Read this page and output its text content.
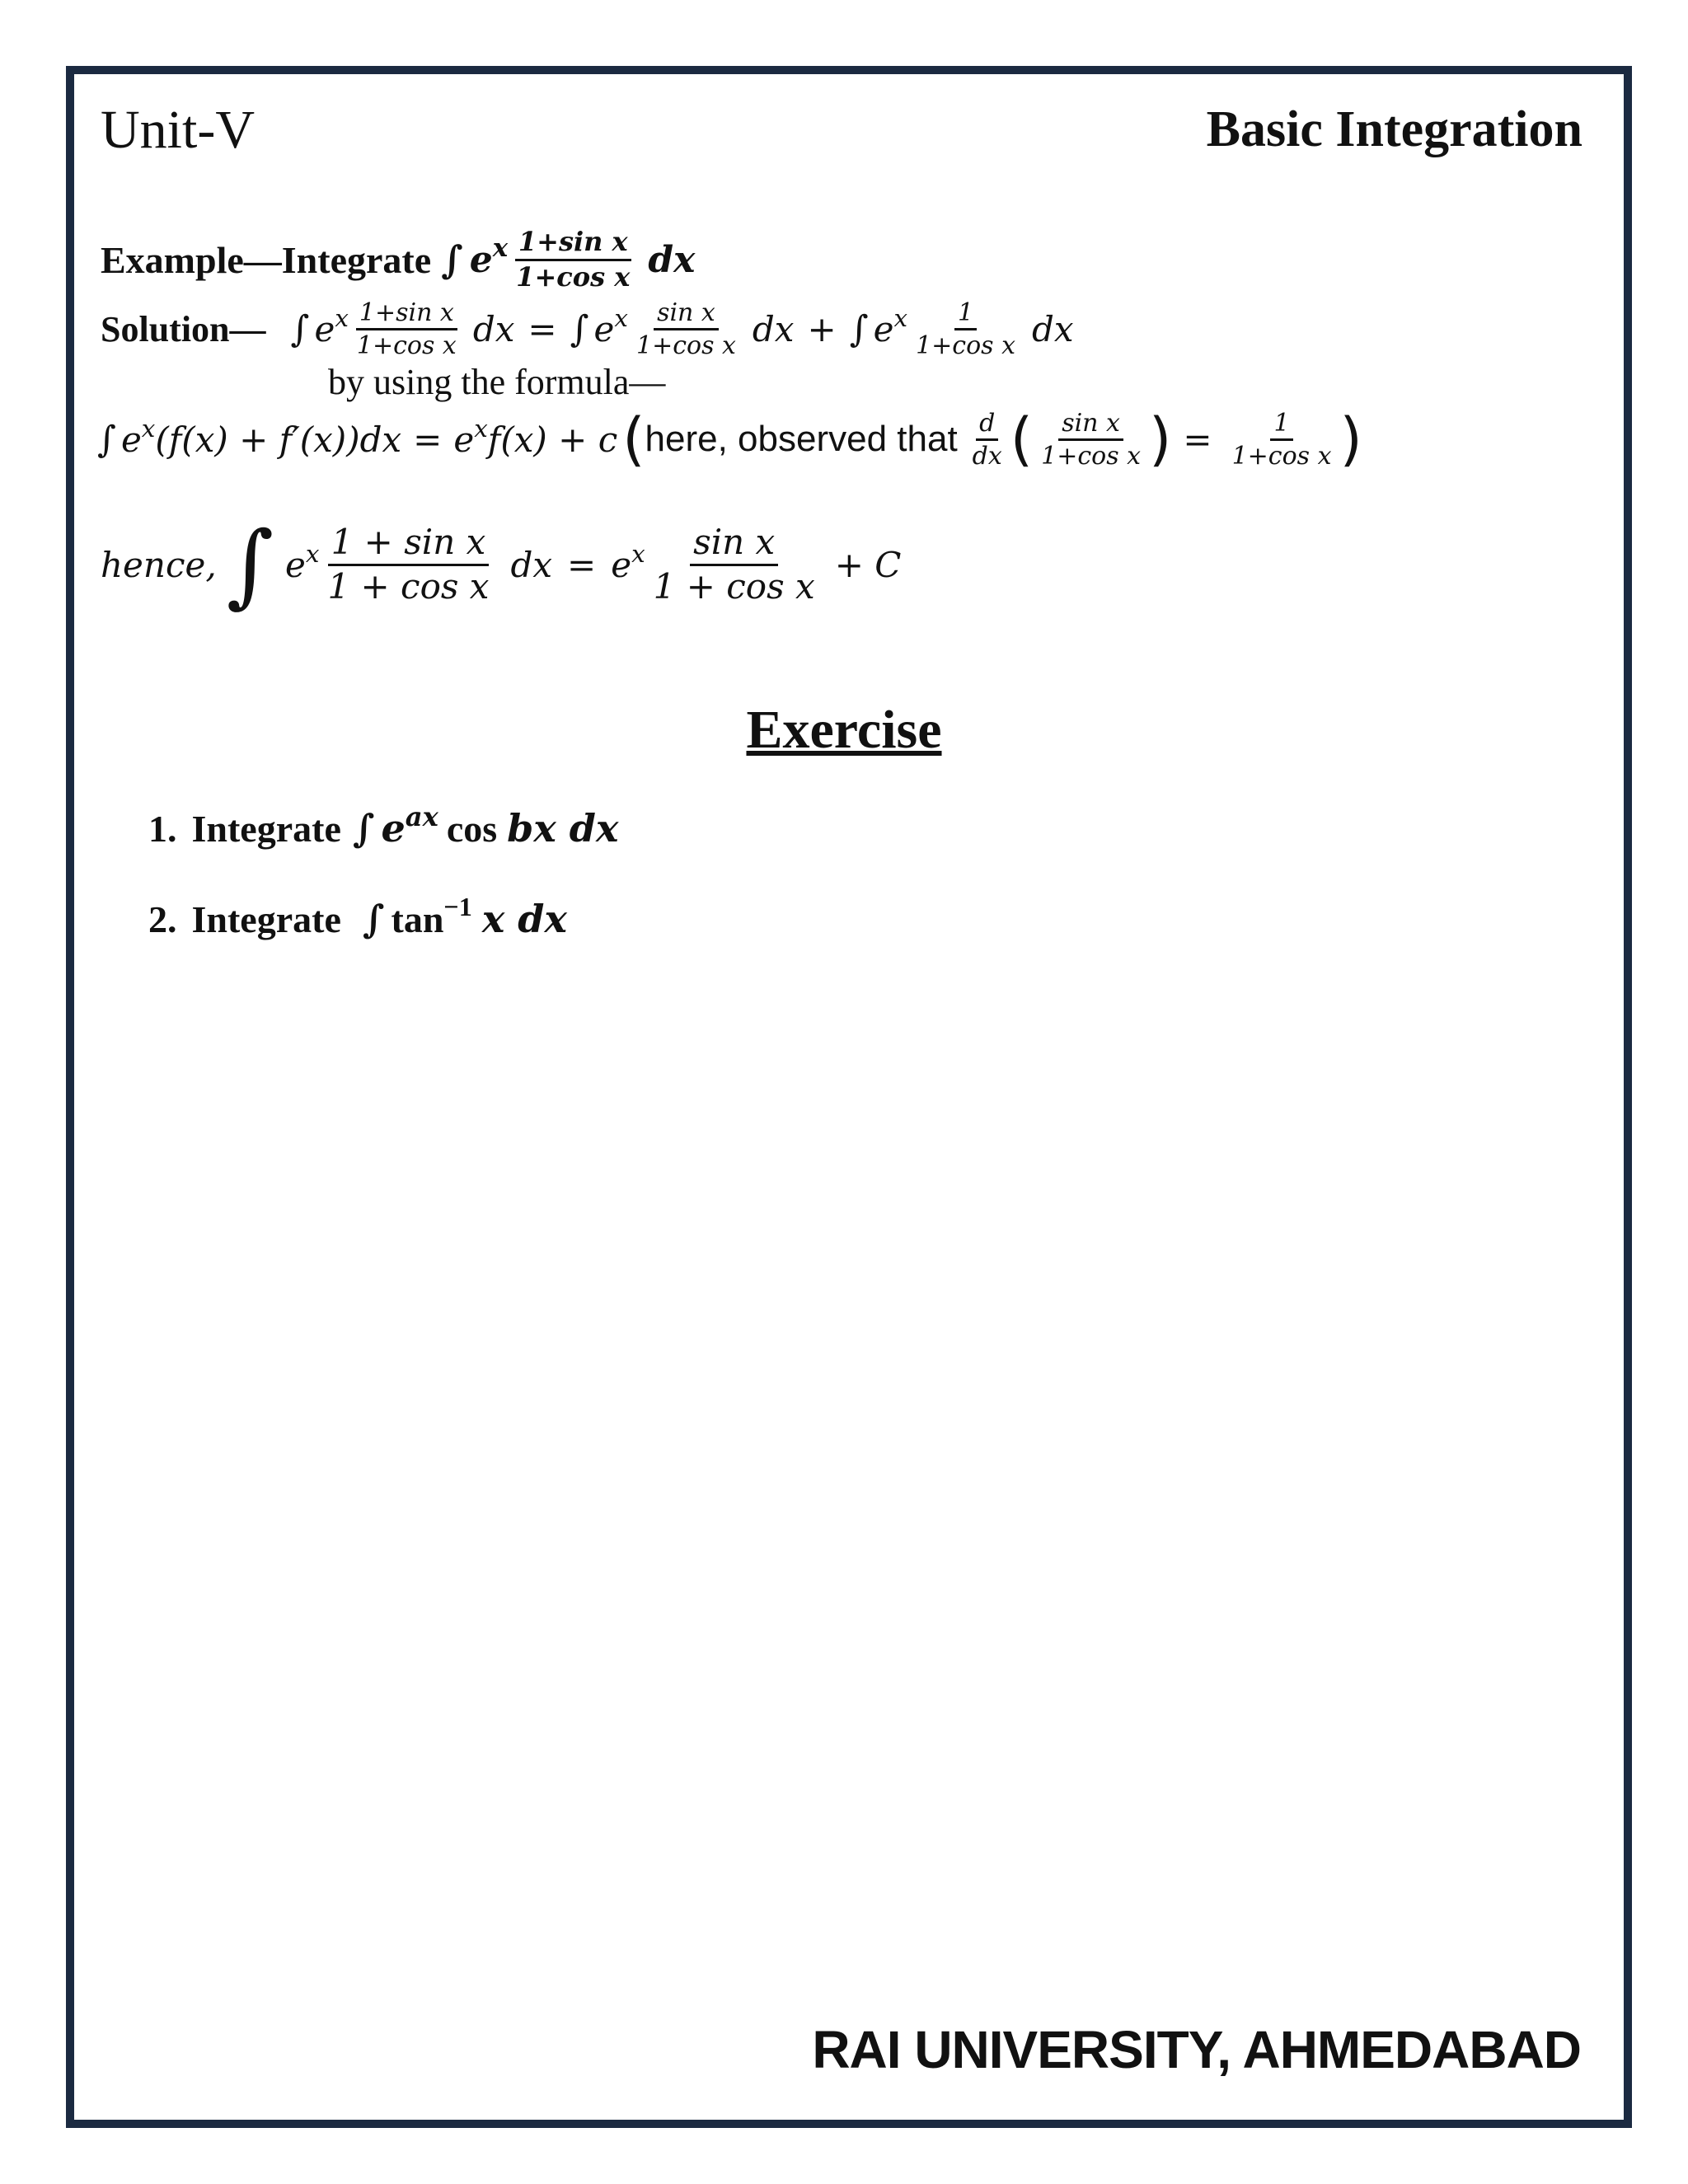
Unit-V	Basic Integration
Example—Integrate ∫ $e^x \frac{\text{1+sin x}}{\text{1+cos x}}$ dx
Solution— ∫ $e^x \frac{\text{1+sin x}}{\text{1+cos x}}$ dx = ∫ $e^x \frac{\text{sin x}}{\text{1+cos x}}$ dx + ∫ $e^x \frac{1}{\text{1+cos x}}$ dx
by using the formula—
∫ $e^x$ $(f(x) + f'(x))dx = e^x$ f(x) + c ( here, observed that $\frac{d}{dx}$ ( $\frac{\text{sin x}}{\text{1+cos x}}$ ) = $\frac{1}{\text{1+cos x}}$ )
hence, ∫ $e^x \frac{\text{1 + sin x}}{\text{1 + cos x}}$ dx = $e^x \frac{\text{sin x}}{\text{1 + cos x}} + C$
Exercise
1. Integrate ∫ $e^{ax}$ cos bx dx
2. Integrate ∫ $\tan^{-1} x$ dx
RAI UNIVERSITY, AHMEDABAD
